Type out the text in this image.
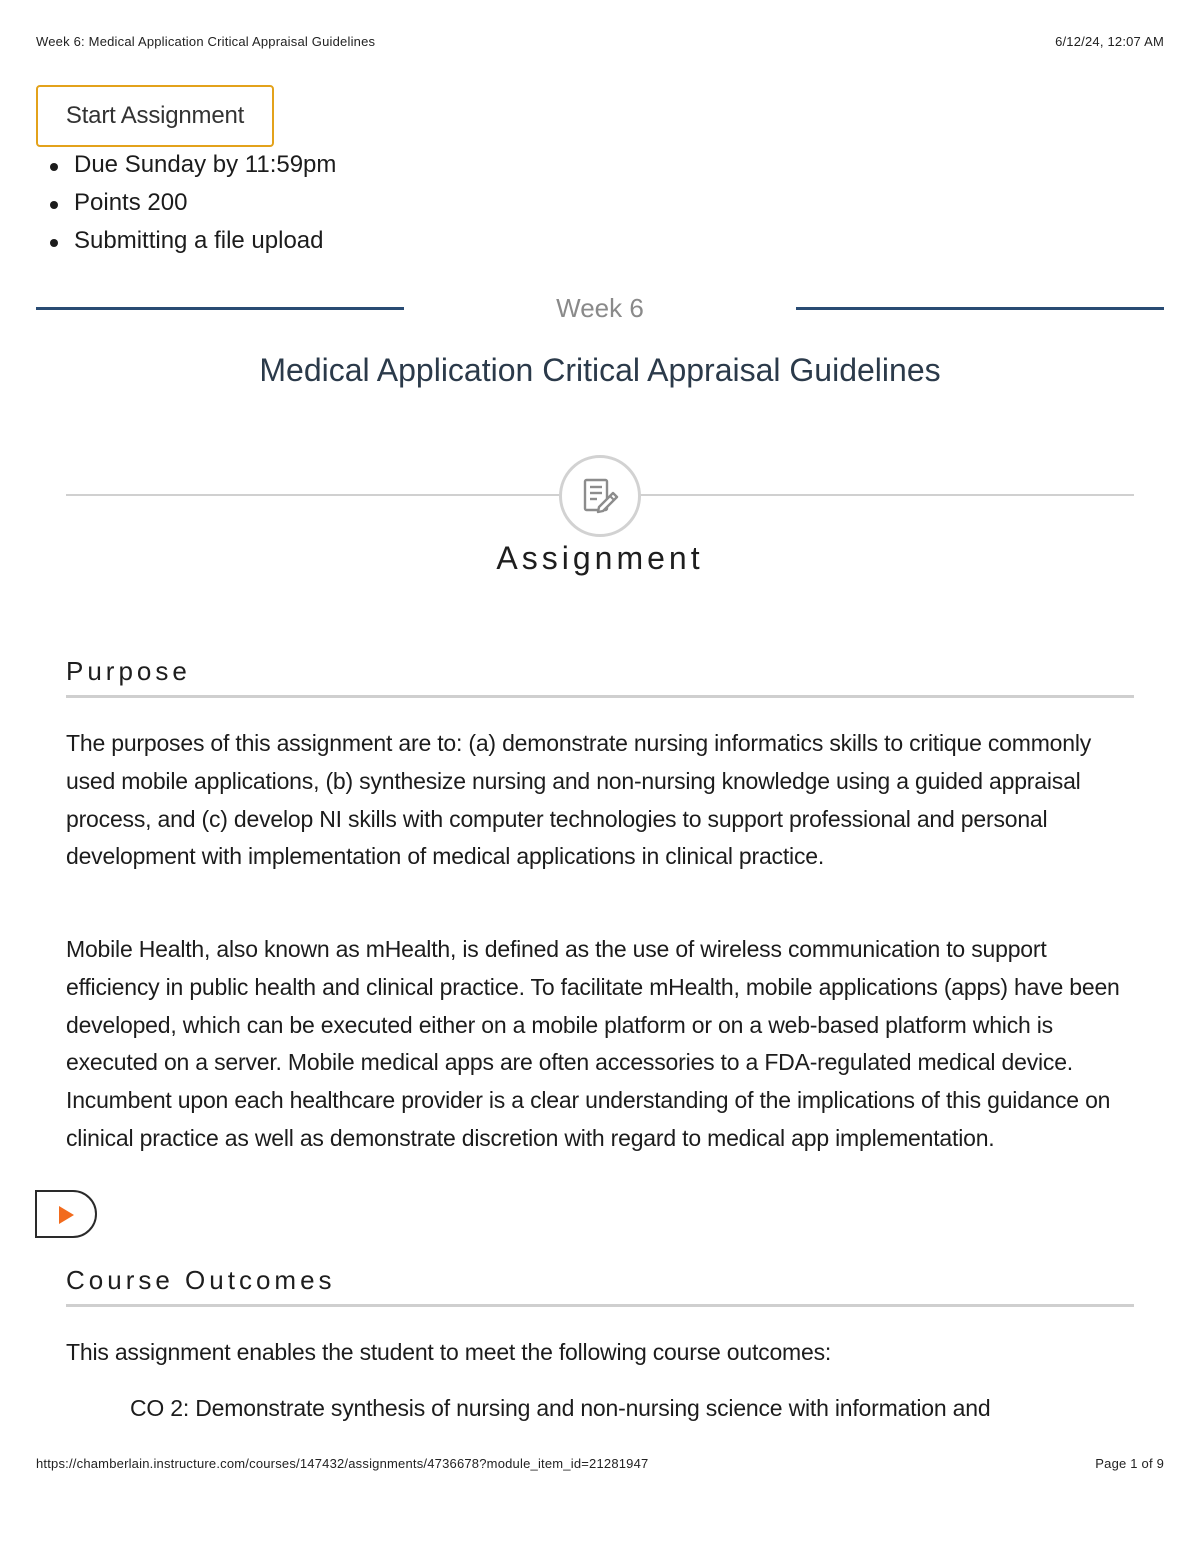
Week 6: Medical Application Critical Appraisal Guidelines	6/12/24, 12:07 AM
Start Assignment
Due Sunday by 11:59pm
Points 200
Submitting a file upload
Week 6
Medical Application Critical Appraisal Guidelines
Assignment
Purpose

The purposes of this assignment are to: (a) demonstrate nursing informatics skills to critique commonly used mobile applications, (b) synthesize nursing and non-nursing knowledge using a guided appraisal process, and (c) develop NI skills with computer technologies to support professional and personal development with implementation of medical applications in clinical practice.

Mobile Health, also known as mHealth, is defined as the use of wireless communication to support efficiency in public health and clinical practice. To facilitate mHealth, mobile applications (apps) have been developed, which can be executed either on a mobile platform or on a web-based platform which is executed on a server. Mobile medical apps are often accessories to a FDA-regulated medical device. Incumbent upon each healthcare provider is a clear understanding of the implications of this guidance on clinical practice as well as demonstrate discretion with regard to medical app implementation.

Course Outcomes

This assignment enables the student to meet the following course outcomes:

CO 2: Demonstrate synthesis of nursing and non-nursing science with information and

https://chamberlain.instructure.com/courses/147432/assignments/4736678?module_item_id=21281947	Page 1 of 9
